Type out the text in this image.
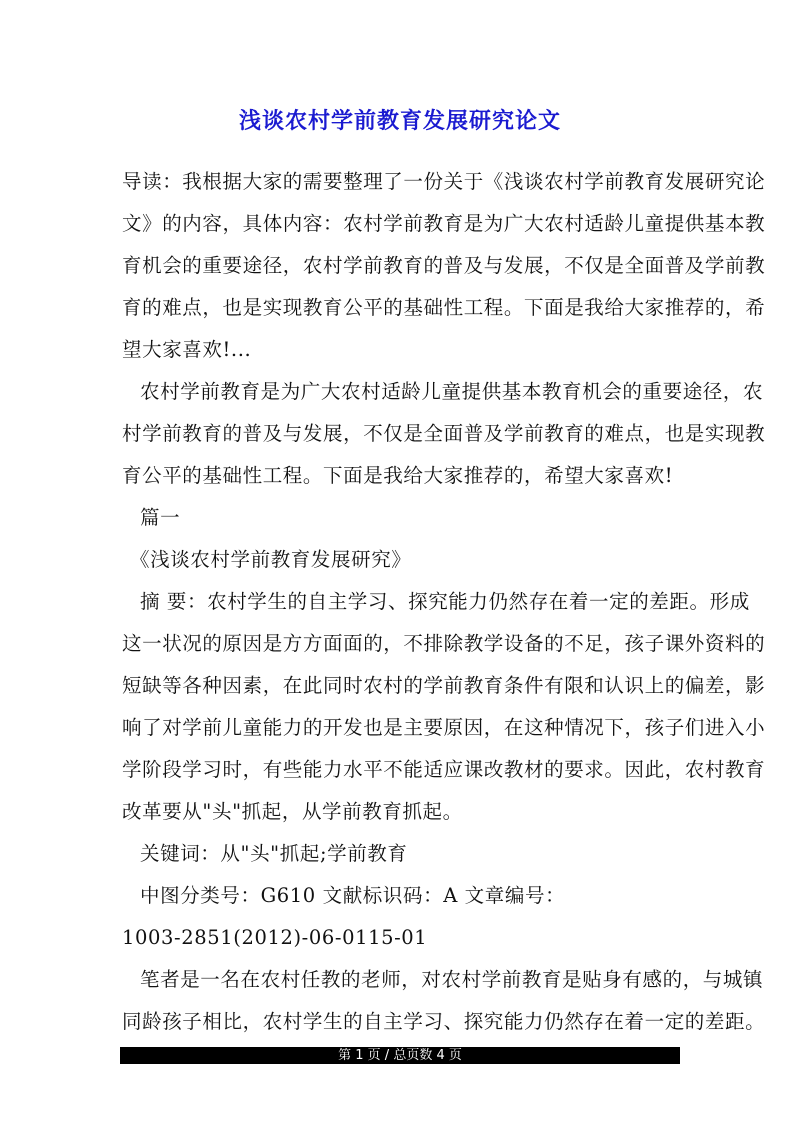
浅谈农村学前教育发展研究论文
导读：我根据大家的需要整理了一份关于《浅谈农村学前教育发展研究论
文》的内容，具体内容：农村学前教育是为广大农村适龄儿童提供基本教
育机会的重要途径，农村学前教育的普及与发展，不仅是全面普及学前教
育的难点，也是实现教育公平的基础性工程。下面是我给大家推荐的，希
望大家喜欢!...
农村学前教育是为广大农村适龄儿童提供基本教育机会的重要途径，农
村学前教育的普及与发展，不仅是全面普及学前教育的难点，也是实现教
育公平的基础性工程。下面是我给大家推荐的，希望大家喜欢!
篇一
《浅谈农村学前教育发展研究》
摘 要：农村学生的自主学习、探究能力仍然存在着一定的差距。形成
这一状况的原因是方方面面的，不排除教学设备的不足，孩子课外资料的
短缺等各种因素，在此同时农村的学前教育条件有限和认识上的偏差，影
响了对学前儿童能力的开发也是主要原因，在这种情况下，孩子们进入小
学阶段学习时，有些能力水平不能适应课改教材的要求。因此，农村教育
改革要从"头"抓起，从学前教育抓起。
关键词：从"头"抓起;学前教育
中图分类号：G610 文献标识码：A 文章编号：
1003-2851(2012)-06-0115-01
笔者是一名在农村任教的老师，对农村学前教育是贴身有感的，与城镇
同龄孩子相比，农村学生的自主学习、探究能力仍然存在着一定的差距。
第 1 页 / 总页数 4 页
